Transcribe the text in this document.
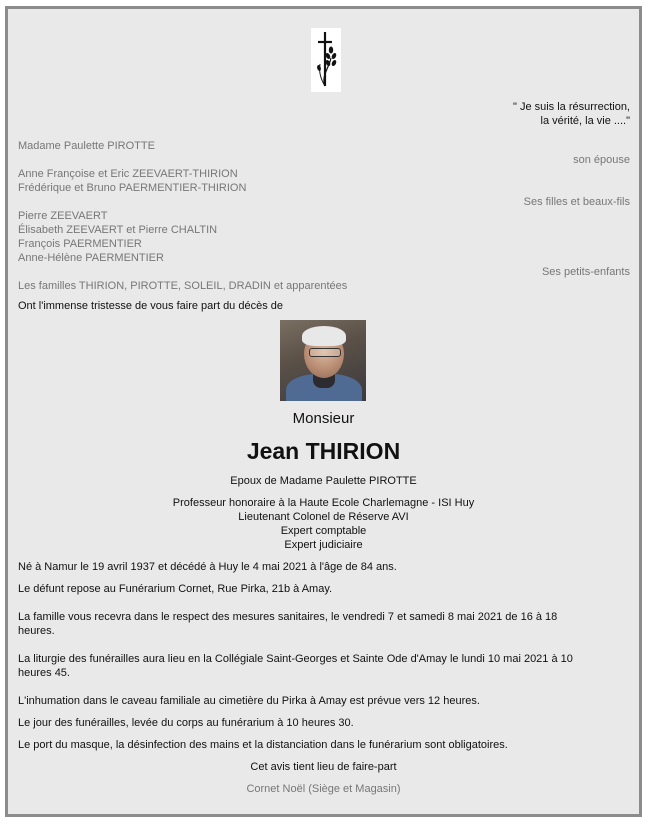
" Je suis la résurrection,
la vérité, la vie ...."
Madame Paulette PIROTTE
son épouse
Anne Françoise et Eric ZEEVAERT-THIRION
Frédérique et Bruno PAERMENTIER-THIRION
Ses filles et beaux-fils
Pierre ZEEVAERT
Élisabeth ZEEVAERT et Pierre CHALTIN
François PAERMENTIER
Anne-Hélène PAERMENTIER
Ses petits-enfants
Les familles THIRION, PIROTTE, SOLEIL, DRADIN et apparentées
Ont l'immense tristesse de vous faire part du décès de
Monsieur
Jean THIRION
Epoux de Madame Paulette PIROTTE
Professeur honoraire à la Haute Ecole Charlemagne - ISI Huy
Lieutenant Colonel de Réserve AVI
Expert comptable
Expert judiciaire
Né à Namur le 19 avril 1937 et décédé à Huy le 4 mai 2021 à l'âge de 84 ans.
Le défunt repose au Funérarium Cornet, Rue Pirka, 21b à Amay.
La famille vous recevra dans le respect des mesures sanitaires, le vendredi 7 et samedi 8 mai 2021 de 16 à 18
heures.
La liturgie des funérailles aura lieu en la Collégiale Saint-Georges et Sainte Ode d'Amay le lundi 10 mai 2021 à 10
heures 45.
L'inhumation dans le caveau familiale au cimetière du Pirka à Amay est prévue vers 12 heures.
Le jour des funérailles, levée du corps au funérarium à 10 heures 30.
Le port du masque, la désinfection des mains et la distanciation dans le funérarium sont obligatoires.
Cet avis tient lieu de faire-part
Cornet Noël (Siège et Magasin)
